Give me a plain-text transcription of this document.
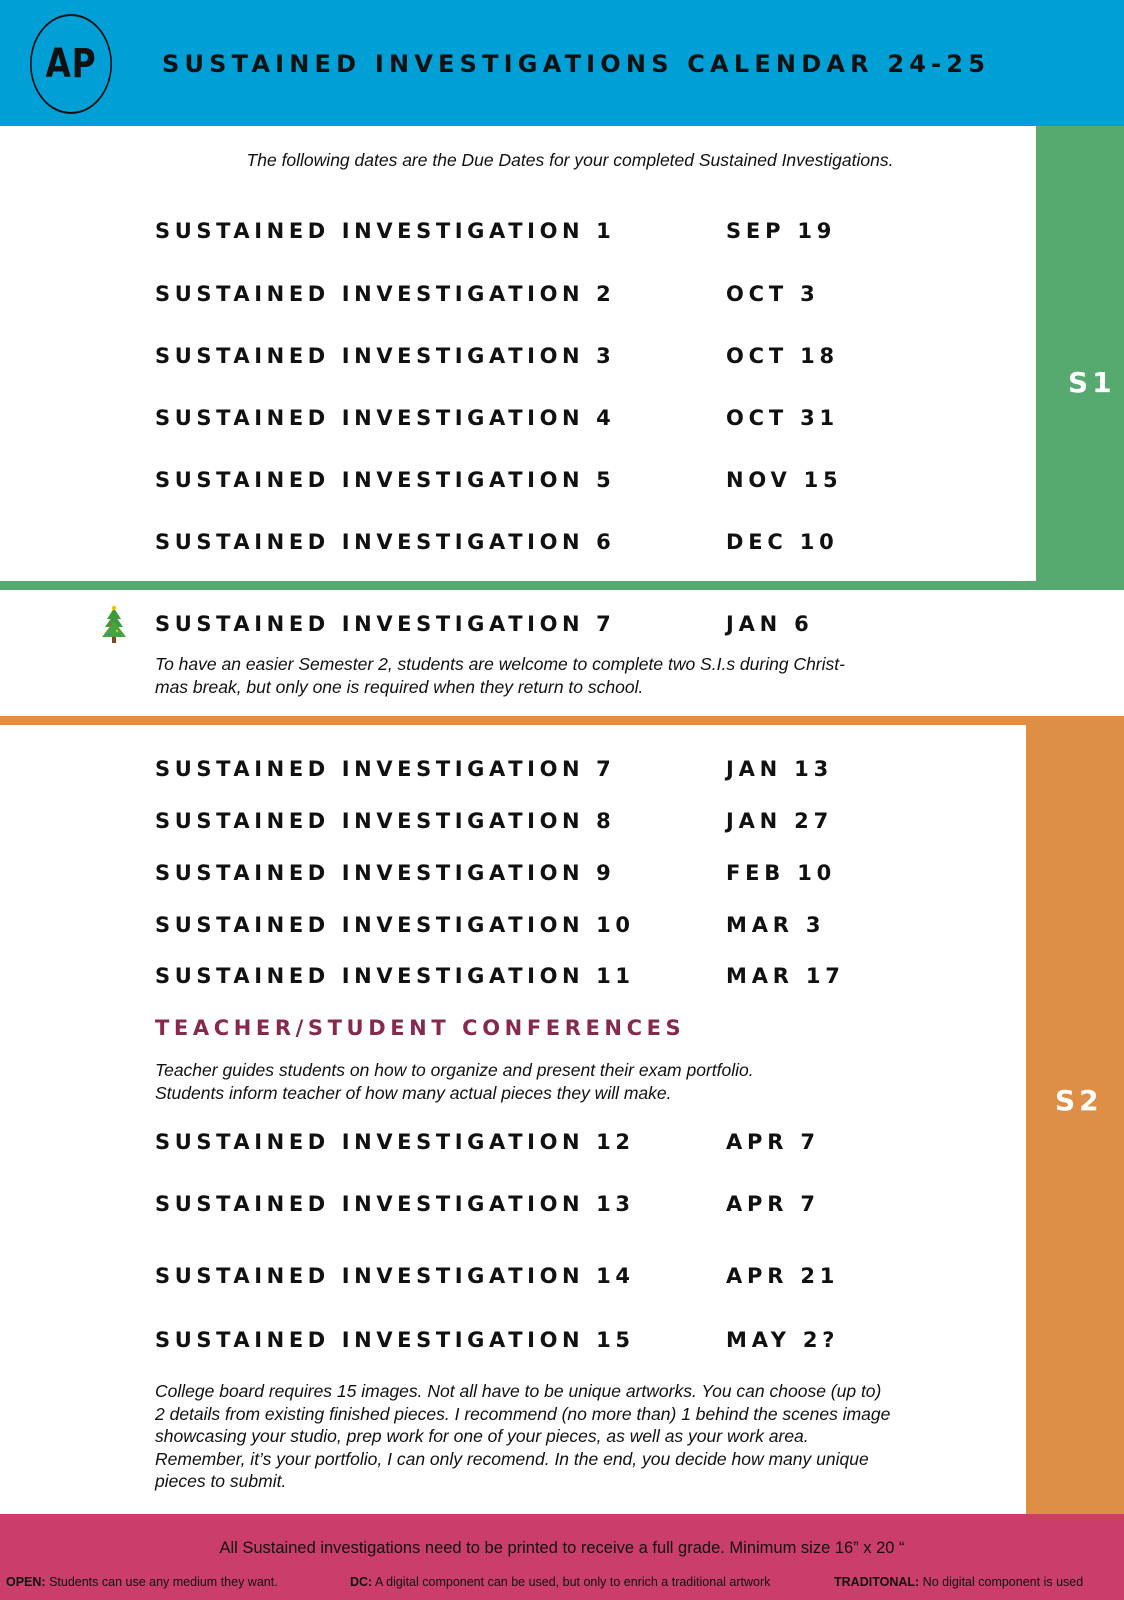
AP	SUSTAINED INVESTIGATIONS CALENDAR 24-25
The following dates are the Due Dates for your completed Sustained Investigations.
S1
SUSTAINED INVESTIGATION 1	SEP 19
SUSTAINED INVESTIGATION 2	OCT 3
SUSTAINED INVESTIGATION 3	OCT 18
SUSTAINED INVESTIGATION 4	OCT 31
SUSTAINED INVESTIGATION 5	NOV 15
SUSTAINED INVESTIGATION 6	DEC 10
SUSTAINED INVESTIGATION 7	JAN 6
To have an easier Semester 2, students are welcome to complete two S.I.s during Christ-
mas break, but only one is required when they return to school.
S2
SUSTAINED INVESTIGATION 7	JAN 13
SUSTAINED INVESTIGATION 8	JAN 27
SUSTAINED INVESTIGATION 9	FEB 10
SUSTAINED INVESTIGATION 10	MAR 3
SUSTAINED INVESTIGATION 11	MAR 17
TEACHER/STUDENT CONFERENCES
Teacher guides students on how to organize and present their exam portfolio.
Students inform teacher of how many actual pieces they will make.
SUSTAINED INVESTIGATION 12	APR 7
SUSTAINED INVESTIGATION 13	APR 7
SUSTAINED INVESTIGATION 14	APR 21
SUSTAINED INVESTIGATION 15	MAY 2?
College board requires 15 images. Not all have to be unique artworks. You can choose (up to)
2 details from existing finished pieces. I recommend (no more than) 1 behind the scenes image
showcasing your studio, prep work for one of your pieces, as well as your work area.
Remember, it’s your portfolio, I can only recomend. In the end, you decide how many unique
pieces to submit.
All Sustained investigations need to be printed to receive a full grade. Minimum size 16” x 20 “
OPEN: Students can use any medium they want.	DC: A digital component can be used, but only to enrich a traditional artwork	TRADITONAL: No digital component is used
